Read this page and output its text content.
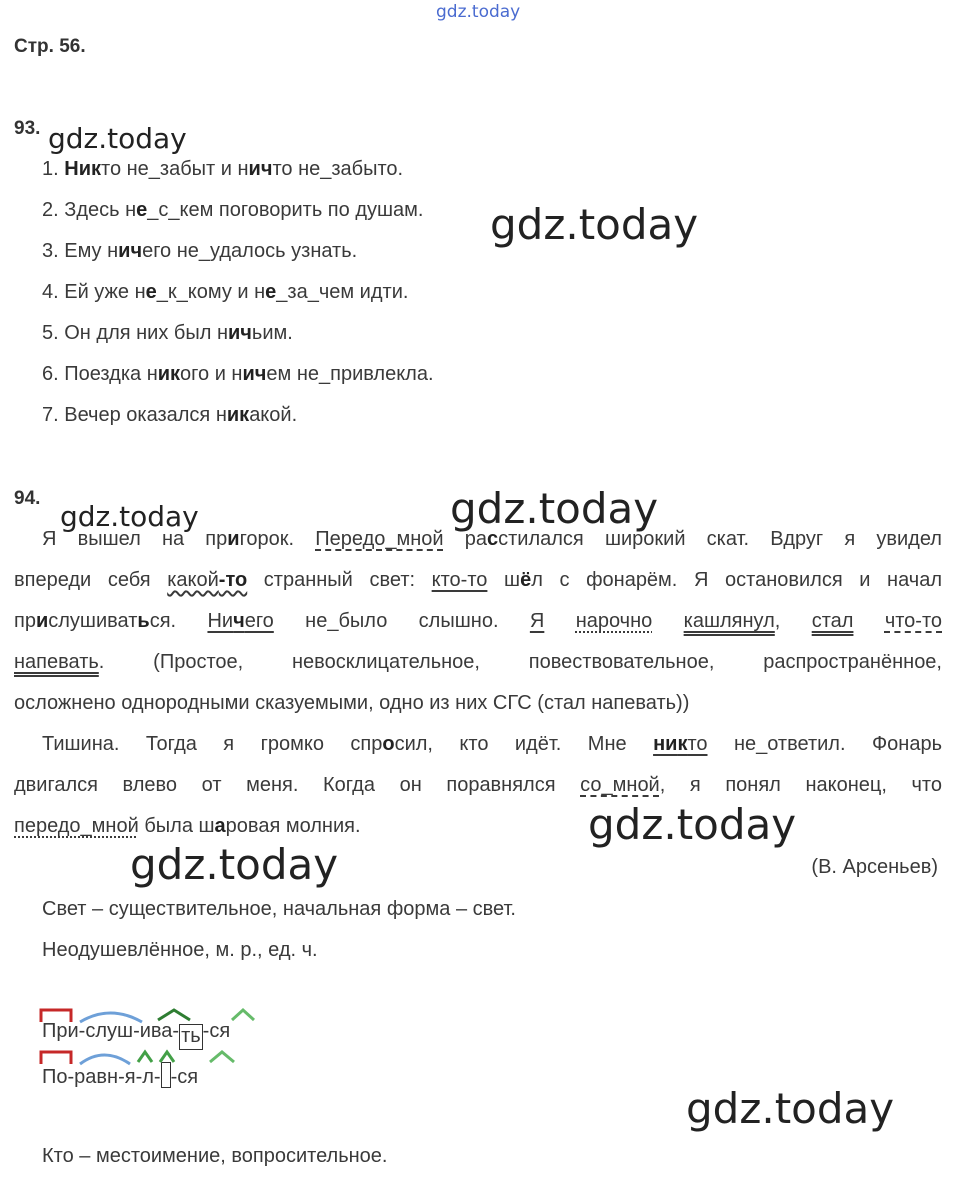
gdz.today
gdz.today
gdz.today
gdz.today	gdz.today
gdz.today
gdz.today
gdz.today
Стр. 56.
93.
1. Никто не_забыт и ничто не_забыто.
2. Здесь не_с_кем поговорить по душам.
3. Ему ничего не_удалось узнать.
4. Ей уже не_к_кому и не_за_чем идти.
5. Он для них был ничьим.
6. Поездка никого и ничем не_привлекла.
7. Вечер оказался никакой.
94.
Я вышел на пригорок. Передо_мной расстилался широкий скат. Вдруг я увидел
впереди себя какой-то странный свет: кто-то шёл с фонарём. Я остановился и начал
прислушиваться. Ничего не_было слышно. Я нарочно кашлянул, стал что-то
напевать. (Простое, невосклицательное, повествовательное, распространённое,
осложнено однородными сказуемыми, одно из них СГС (стал напевать))
Тишина. Тогда я громко спросил, кто идёт. Мне никто не_ответил. Фонарь
двигался влево от меня. Когда он поравнялся со_мной, я понял наконец, что
передо_мной была шаровая молния.
(В. Арсеньев)
Свет – существительное, начальная форма – свет.
Неодушевлённое, м. р., ед. ч.
При-слуш-ива- ть -ся
По-равн-я-л- -ся
Кто – местоимение, вопросительное.
